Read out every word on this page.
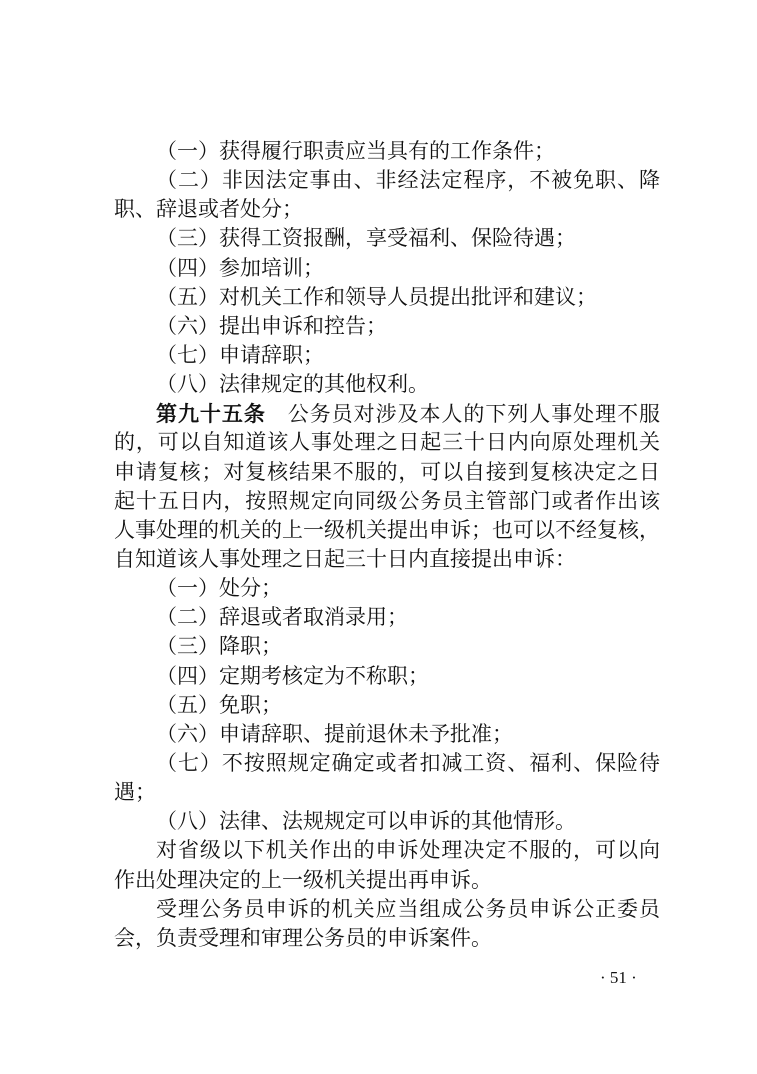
（一）获得履行职责应当具有的工作条件；
（二）非因法定事由、非经法定程序，不被免职、降
职、辞退或者处分；
（三）获得工资报酬，享受福利、保险待遇；
（四）参加培训；
（五）对机关工作和领导人员提出批评和建议；
（六）提出申诉和控告；
（七）申请辞职；
（八）法律规定的其他权利。
第九十五条　 公务员对涉及本人的下列人事处理不服
的，可以自知道该人事处理之日起三十日内向原处理机关
申请复核；对复核结果不服的，可以自接到复核决定之日
起十五日内，按照规定向同级公务员主管部门或者作出该
人事处理的机关的上一级机关提出申诉；也可以不经复核，
自知道该人事处理之日起三十日内直接提出申诉：
（一）处分；
（二）辞退或者取消录用；
（三）降职；
（四）定期考核定为不称职；
（五）免职；
（六）申请辞职、提前退休未予批准；
（七）不按照规定确定或者扣减工资、福利、保险待
遇；
（八）法律、法规规定可以申诉的其他情形。
对省级以下机关作出的申诉处理决定不服的，可以向
作出处理决定的上一级机关提出再申诉。
受理公务员申诉的机关应当组成公务员申诉公正委员
会，负责受理和审理公务员的申诉案件。
· 51 ·
